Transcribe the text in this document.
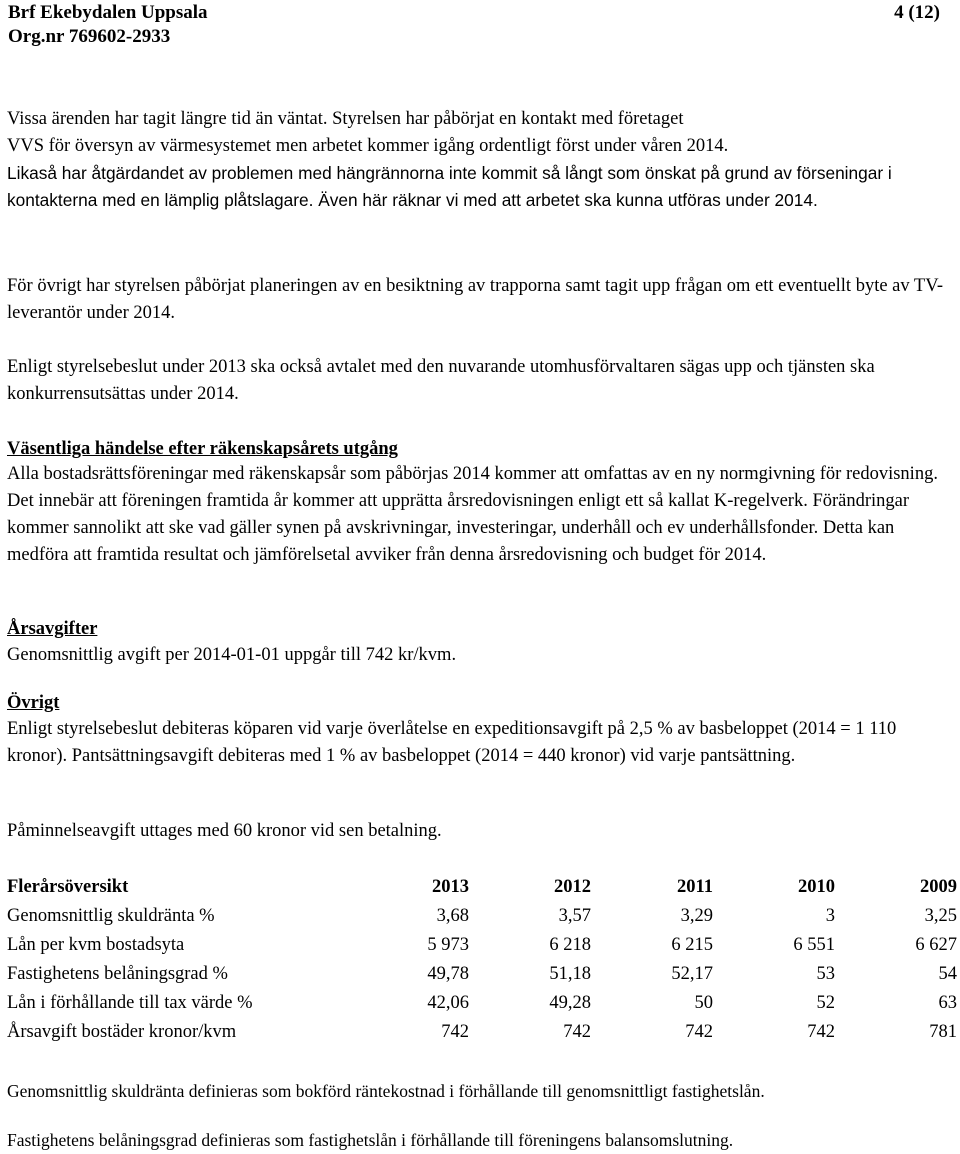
Brf Ekebydalen Uppsala
Org.nr 769602-2933
4 (12)
Vissa ärenden har tagit längre tid än väntat. Styrelsen har påbörjat en kontakt med företaget
VVS för översyn av värmesystemet men arbetet kommer igång ordentligt först under våren 2014.
Likaså har åtgärdandet av problemen med hängrännorna inte kommit så långt som önskat på grund av förseningar i kontakterna med en lämplig plåtslagare. Även här räknar vi med att arbetet ska kunna utföras under 2014.
För övrigt har styrelsen påbörjat planeringen av en besiktning av trapporna samt tagit upp frågan om ett eventuellt byte av TV-leverantör under 2014.
Enligt styrelsebeslut under 2013 ska också avtalet med den nuvarande utomhusförvaltaren sägas upp och tjänsten ska konkurrensutsättas under 2014.
Väsentliga händelse efter räkenskapsårets utgång
Alla bostadsrättsföreningar med räkenskapsår som påbörjas 2014 kommer att omfattas av en ny normgivning för redovisning. Det innebär att föreningen framtida år kommer att upprätta årsredovisningen enligt ett så kallat K-regelverk. Förändringar kommer sannolikt att ske vad gäller synen på avskrivningar, investeringar, underhåll och ev underhållsfonder. Detta kan medföra att framtida resultat och jämförelsetal avviker från denna årsredovisning och budget för 2014.
Årsavgifter
Genomsnittlig avgift per 2014-01-01 uppgår till 742 kr/kvm.
Övrigt
Enligt styrelsebeslut debiteras köparen vid varje överlåtelse en expeditionsavgift på 2,5 % av basbeloppet (2014 = 1 110 kronor). Pantsättningsavgift debiteras med 1 % av basbeloppet (2014 = 440 kronor) vid varje pantsättning.
Påminnelseavgift uttages med 60 kronor vid sen betalning.
Flerårsöversikt	2013	2012	2011	2010	2009
Genomsnittlig skuldränta %	3,68	3,57	3,29	3	3,25
Lån per kvm bostadsyta	5 973	6 218	6 215	6 551	6 627
Fastighetens belåningsgrad %	49,78	51,18	52,17	53	54
Lån i förhållande till tax värde %	42,06	49,28	50	52	63
Årsavgift bostäder kronor/kvm	742	742	742	742	781
Genomsnittlig skuldränta definieras som bokförd räntekostnad i förhållande till genomsnittligt fastighetslån.
Fastighetens belåningsgrad definieras som fastighetslån i förhållande till föreningens balansomslutning.
